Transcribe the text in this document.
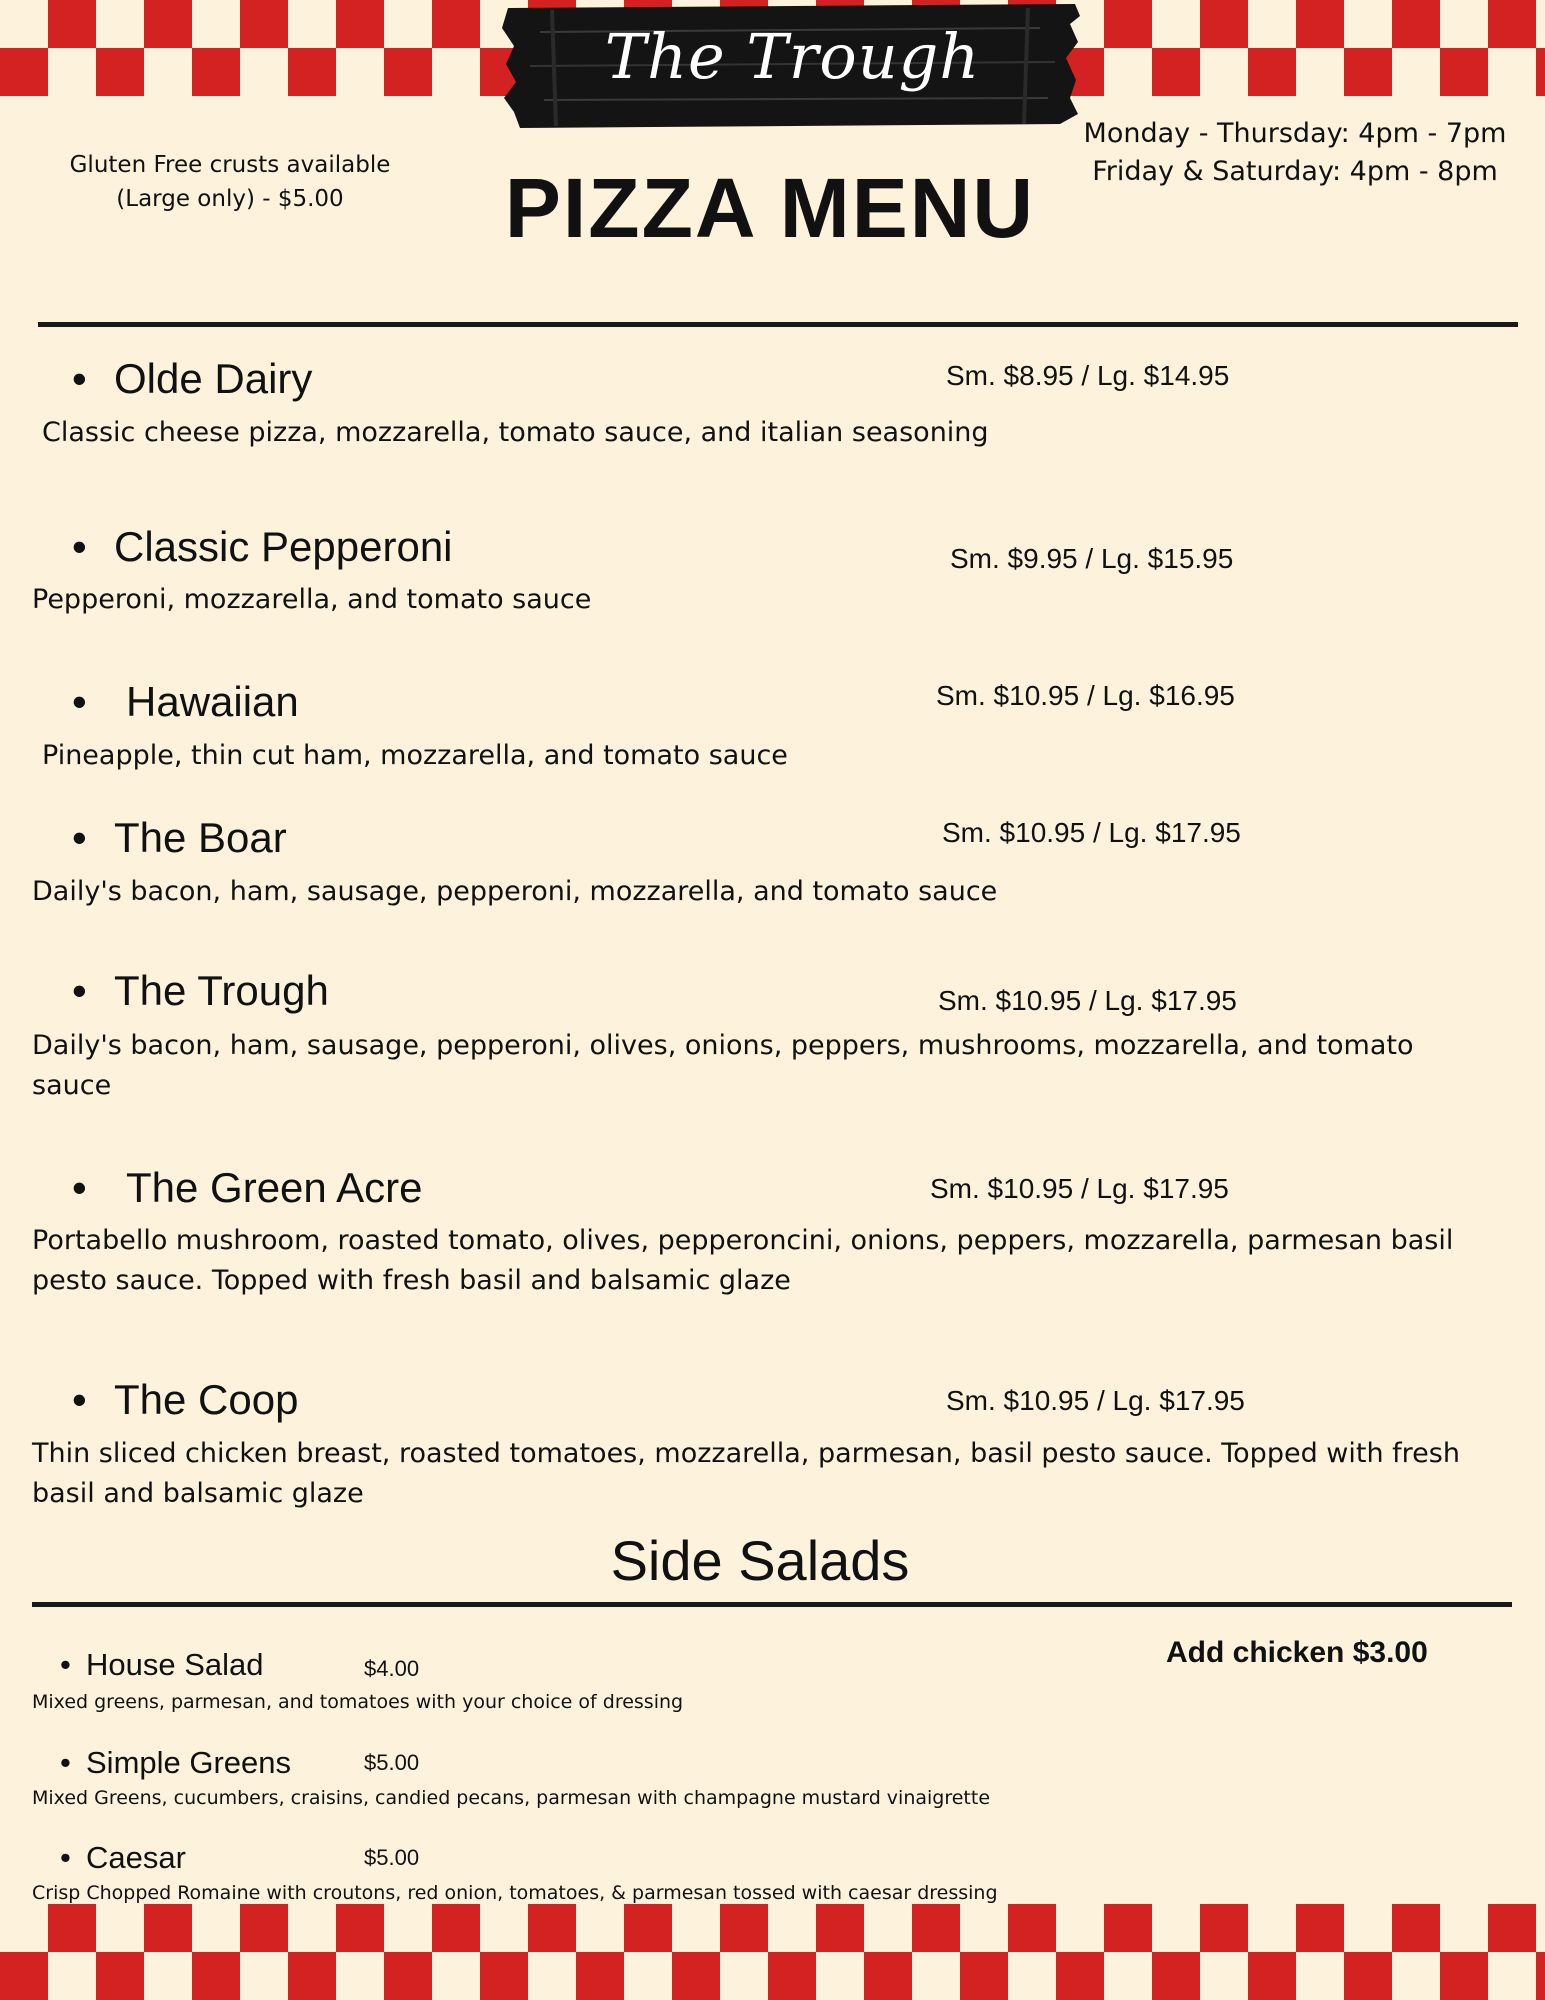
The Trough
Gluten Free crusts available
(Large only) - $5.00
Monday - Thursday: 4pm - 7pm
Friday & Saturday: 4pm - 8pm
PIZZA MENU
• Olde Dairy	Sm. $8.95 / Lg. $14.95
Classic cheese pizza, mozzarella, tomato sauce, and italian seasoning
• Classic Pepperoni	Sm. $9.95 / Lg. $15.95
Pepperoni, mozzarella, and tomato sauce
• Hawaiian	Sm. $10.95 / Lg. $16.95
Pineapple, thin cut ham, mozzarella, and tomato sauce
• The Boar	Sm. $10.95 / Lg. $17.95
Daily's bacon, ham, sausage, pepperoni, mozzarella, and tomato sauce
• The Trough	Sm. $10.95 / Lg. $17.95
Daily's bacon, ham, sausage, pepperoni, olives, onions, peppers, mushrooms, mozzarella, and tomato sauce
• The Green Acre	Sm. $10.95 / Lg. $17.95
Portabello mushroom, roasted tomato, olives, pepperoncini, onions, peppers, mozzarella, parmesan basil pesto sauce. Topped with fresh basil and balsamic glaze
• The Coop	Sm. $10.95 / Lg. $17.95
Thin sliced chicken breast, roasted tomatoes, mozzarella, parmesan, basil pesto sauce. Topped with fresh basil and balsamic glaze
Side Salads
Add chicken $3.00
• House Salad	$4.00
Mixed greens, parmesan, and tomatoes with your choice of dressing
• Simple Greens	$5.00
Mixed Greens, cucumbers, craisins, candied pecans, parmesan with champagne mustard vinaigrette
• Caesar	$5.00
Crisp Chopped Romaine with croutons, red onion, tomatoes, & parmesan tossed with caesar dressing
